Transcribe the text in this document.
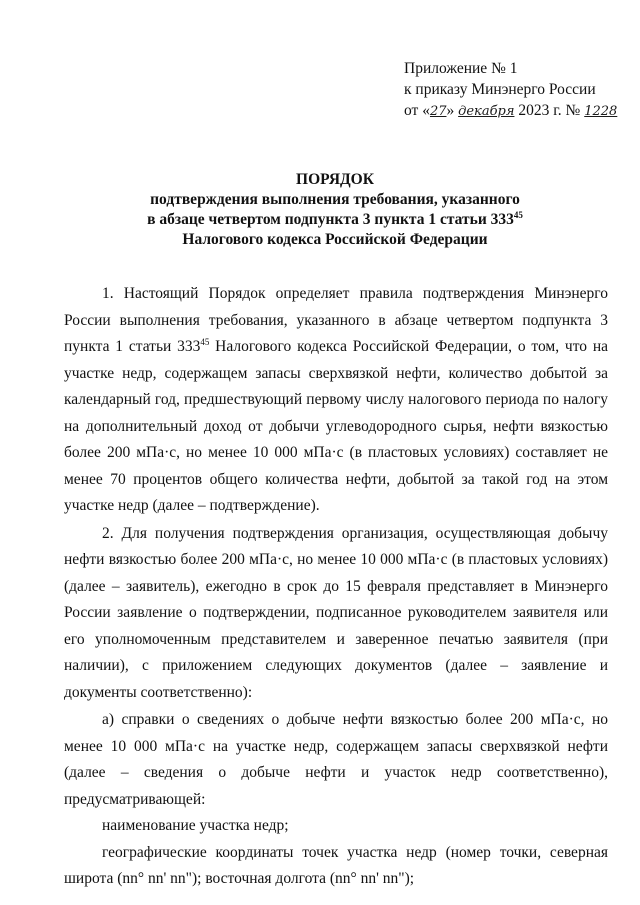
Приложение № 1
к приказу Минэнерго России
от «27» декабря 2023 г. № 1228
ПОРЯДОК
подтверждения выполнения требования, указанного
в абзаце четвертом подпункта 3 пункта 1 статьи $333^{45}$
Налогового кодекса Российской Федерации

1. Настоящий Порядок определяет правила подтверждения Минэнерго России выполнения требования, указанного в абзаце четвертом подпункта 3 пункта 1 статьи $333^{45}$ Налогового кодекса Российской Федерации, о том, что на участке недр, содержащем запасы сверхвязкой нефти, количество добытой за календарный год, предшествующий первому числу налогового периода по налогу на дополнительный доход от добычи углеводородного сырья, нефти вязкостью более 200 мПа·с, но менее 10 000 мПа·с (в пластовых условиях) составляет не менее 70 процентов общего количества нефти, добытой за такой год на этом участке недр (далее – подтверждение).

2. Для получения подтверждения организация, осуществляющая добычу нефти вязкостью более 200 мПа·с, но менее 10 000 мПа·с (в пластовых условиях) (далее – заявитель), ежегодно в срок до 15 февраля представляет в Минэнерго России заявление о подтверждении, подписанное руководителем заявителя или его уполномоченным представителем и заверенное печатью заявителя (при наличии), с приложением следующих документов (далее – заявление и документы соответственно):

а) справки о сведениях о добыче нефти вязкостью более 200 мПа·с, но менее 10 000 мПа·с на участке недр, содержащем запасы сверхвязкой нефти (далее – сведения о добыче нефти и участок недр соответственно), предусматривающей:

наименование участка недр;

географические координаты точек участка недр (номер точки, северная широта (nn° nn' nn"); восточная долгота (nn° nn' nn");
